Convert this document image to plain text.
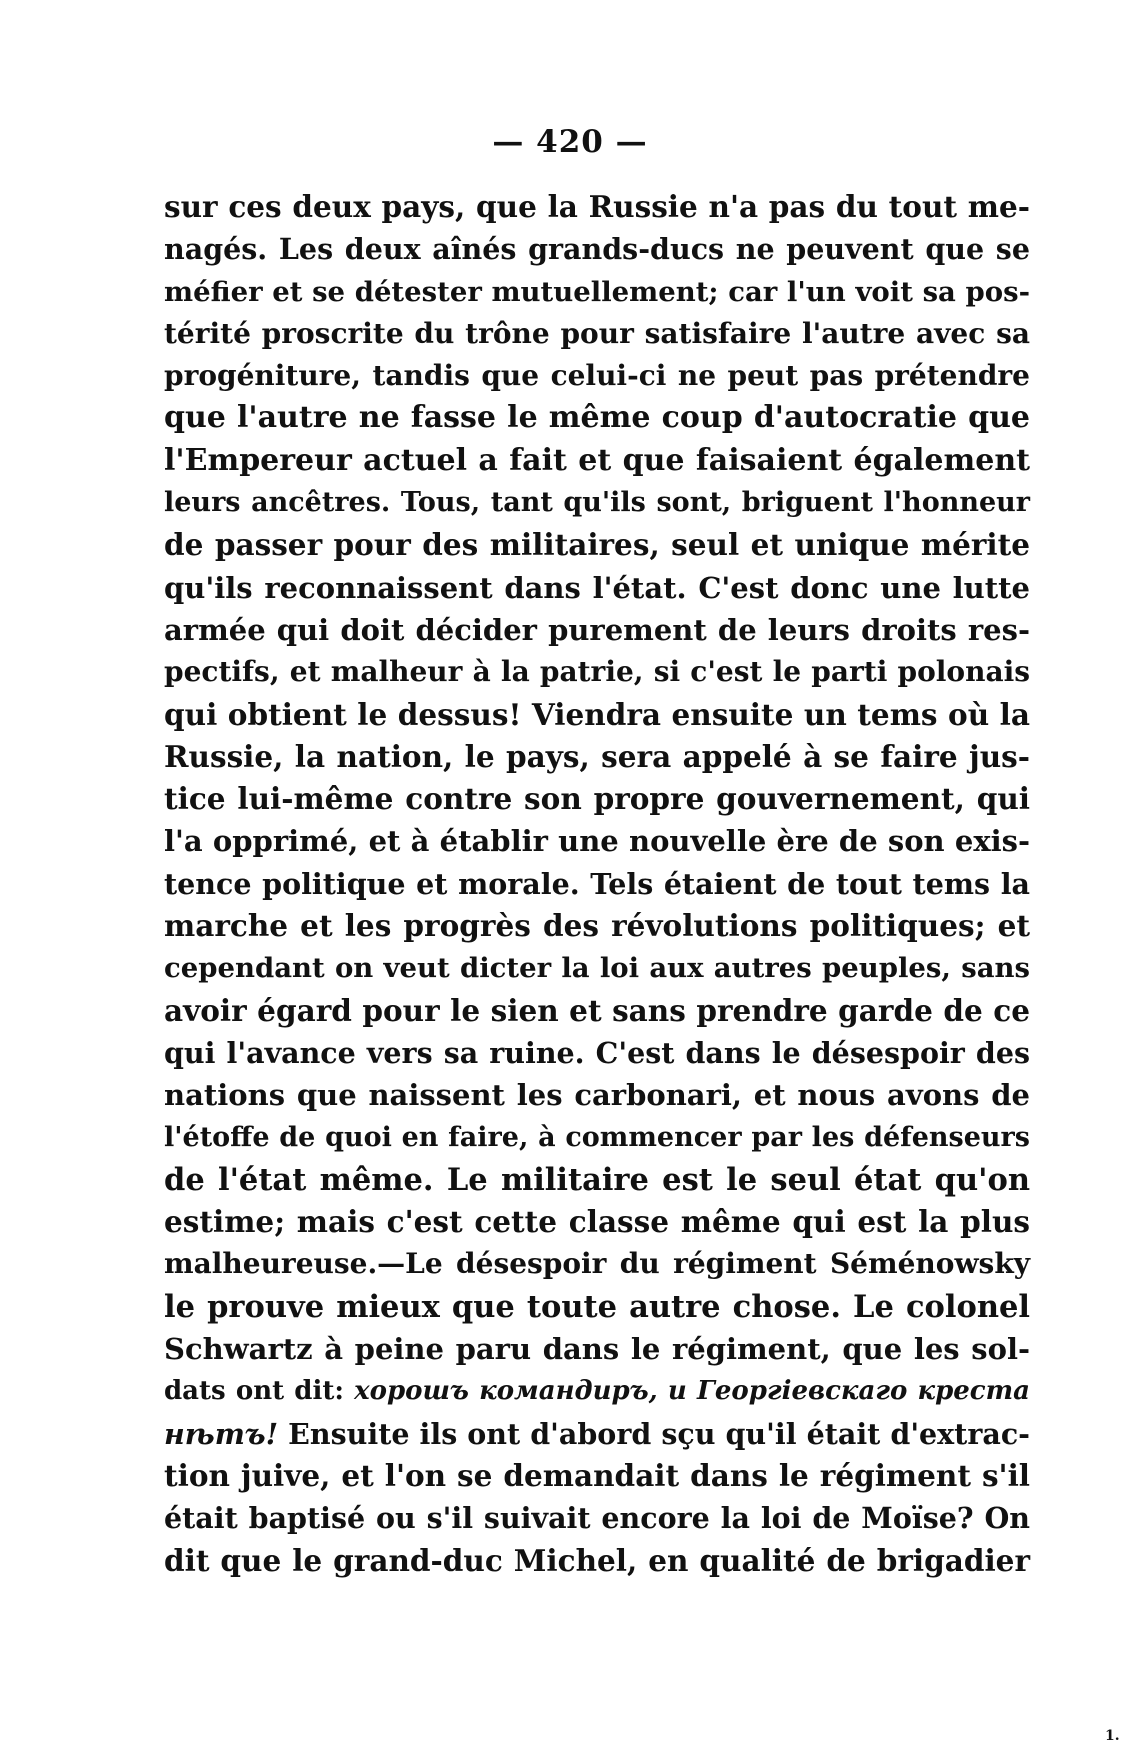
— 420 —
sur ces deux pays, que la Russie n'a pas du tout me-
nagés. Les deux aînés grands-ducs ne peuvent que se
méfier et se détester mutuellement; car l'un voit sa pos-
térité proscrite du trône pour satisfaire l'autre avec sa
progéniture, tandis que celui-ci ne peut pas prétendre
que l'autre ne fasse le même coup d'autocratie que
l'Empereur actuel a fait et que faisaient également
leurs ancêtres. Tous, tant qu'ils sont, briguent l'honneur
de passer pour des militaires, seul et unique mérite
qu'ils reconnaissent dans l'état. C'est donc une lutte
armée qui doit décider purement de leurs droits res-
pectifs, et malheur à la patrie, si c'est le parti polonais
qui obtient le dessus! Viendra ensuite un tems où la
Russie, la nation, le pays, sera appelé à se faire jus-
tice lui-même contre son propre gouvernement, qui
l'a opprimé, et à établir une nouvelle ère de son exis-
tence politique et morale. Tels étaient de tout tems la
marche et les progrès des révolutions politiques; et
cependant on veut dicter la loi aux autres peuples, sans
avoir égard pour le sien et sans prendre garde de ce
qui l'avance vers sa ruine. C'est dans le désespoir des
nations que naissent les carbonari, et nous avons de
l'étoffe de quoi en faire, à commencer par les défenseurs
de l'état même. Le militaire est le seul état qu'on
estime; mais c'est cette classe même qui est la plus
malheureuse.—Le désespoir du régiment Séménowsky
le prouve mieux que toute autre chose. Le colonel
Schwartz à peine paru dans le régiment, que les sol-
dats ont dit: хорошъ командиръ, и Георгіевскаго креста
нѣтъ! Ensuite ils ont d'abord sçu qu'il était d'extrac-
tion juive, et l'on se demandait dans le régiment s'il
était baptisé ou s'il suivait encore la loi de Moïse? On
dit que le grand-duc Michel, en qualité de brigadier
1.
